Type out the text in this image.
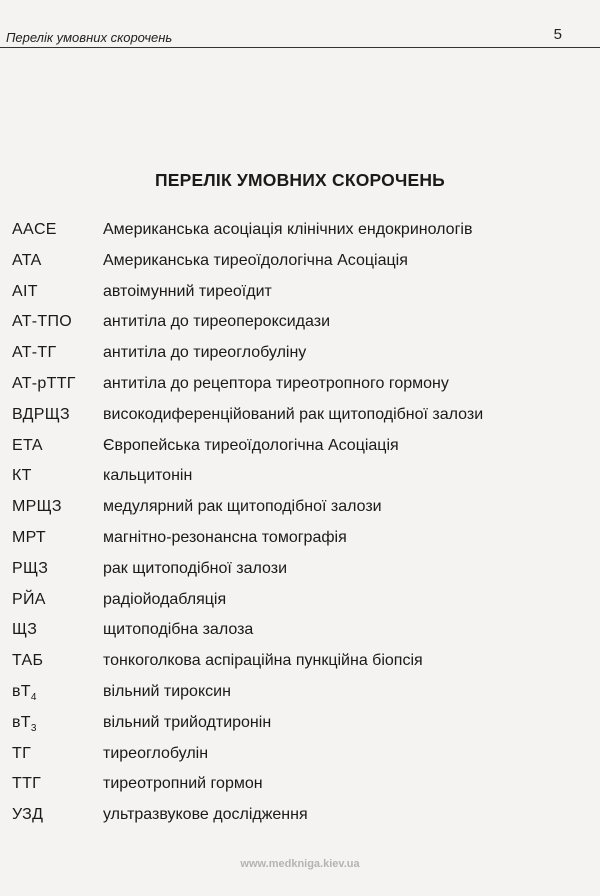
Перелік умовних скорочень	5
ПЕРЕЛІК УМОВНИХ СКОРОЧЕНЬ
AACE	Американська асоціація клінічних ендокринологів
ATA	Американська тиреоїдологічна Асоціація
АІТ	автоімунний тиреоїдит
АТ-ТПО антитіла до тиреопероксидази
АТ-ТГ	антитіла до тиреоглобуліну
АТ-рТТГ антитіла до рецептора тиреотропного гормону
ВДРЩЗ високодиференційований рак щитоподібної залози
ETA	Європейська тиреоїдологічна Асоціація
КТ	кальцитонін
МРЩЗ	медулярний рак щитоподібної залози
МРТ	магнітно-резонансна томографія
РЩЗ	рак щитоподібної залози
РЙА	радіойодабляція
ЩЗ	щитоподібна залоза
ТАБ	тонкоголкова аспіраційна пункційна біопсія
$вТ_4$	вільний тироксин
$вТ_3$	вільний трийодтиронін
ТГ	тиреоглобулін
ТТГ	тиреотропний гормон
УЗД	ультразвукове дослідження
www.medkniga.kiev.ua
